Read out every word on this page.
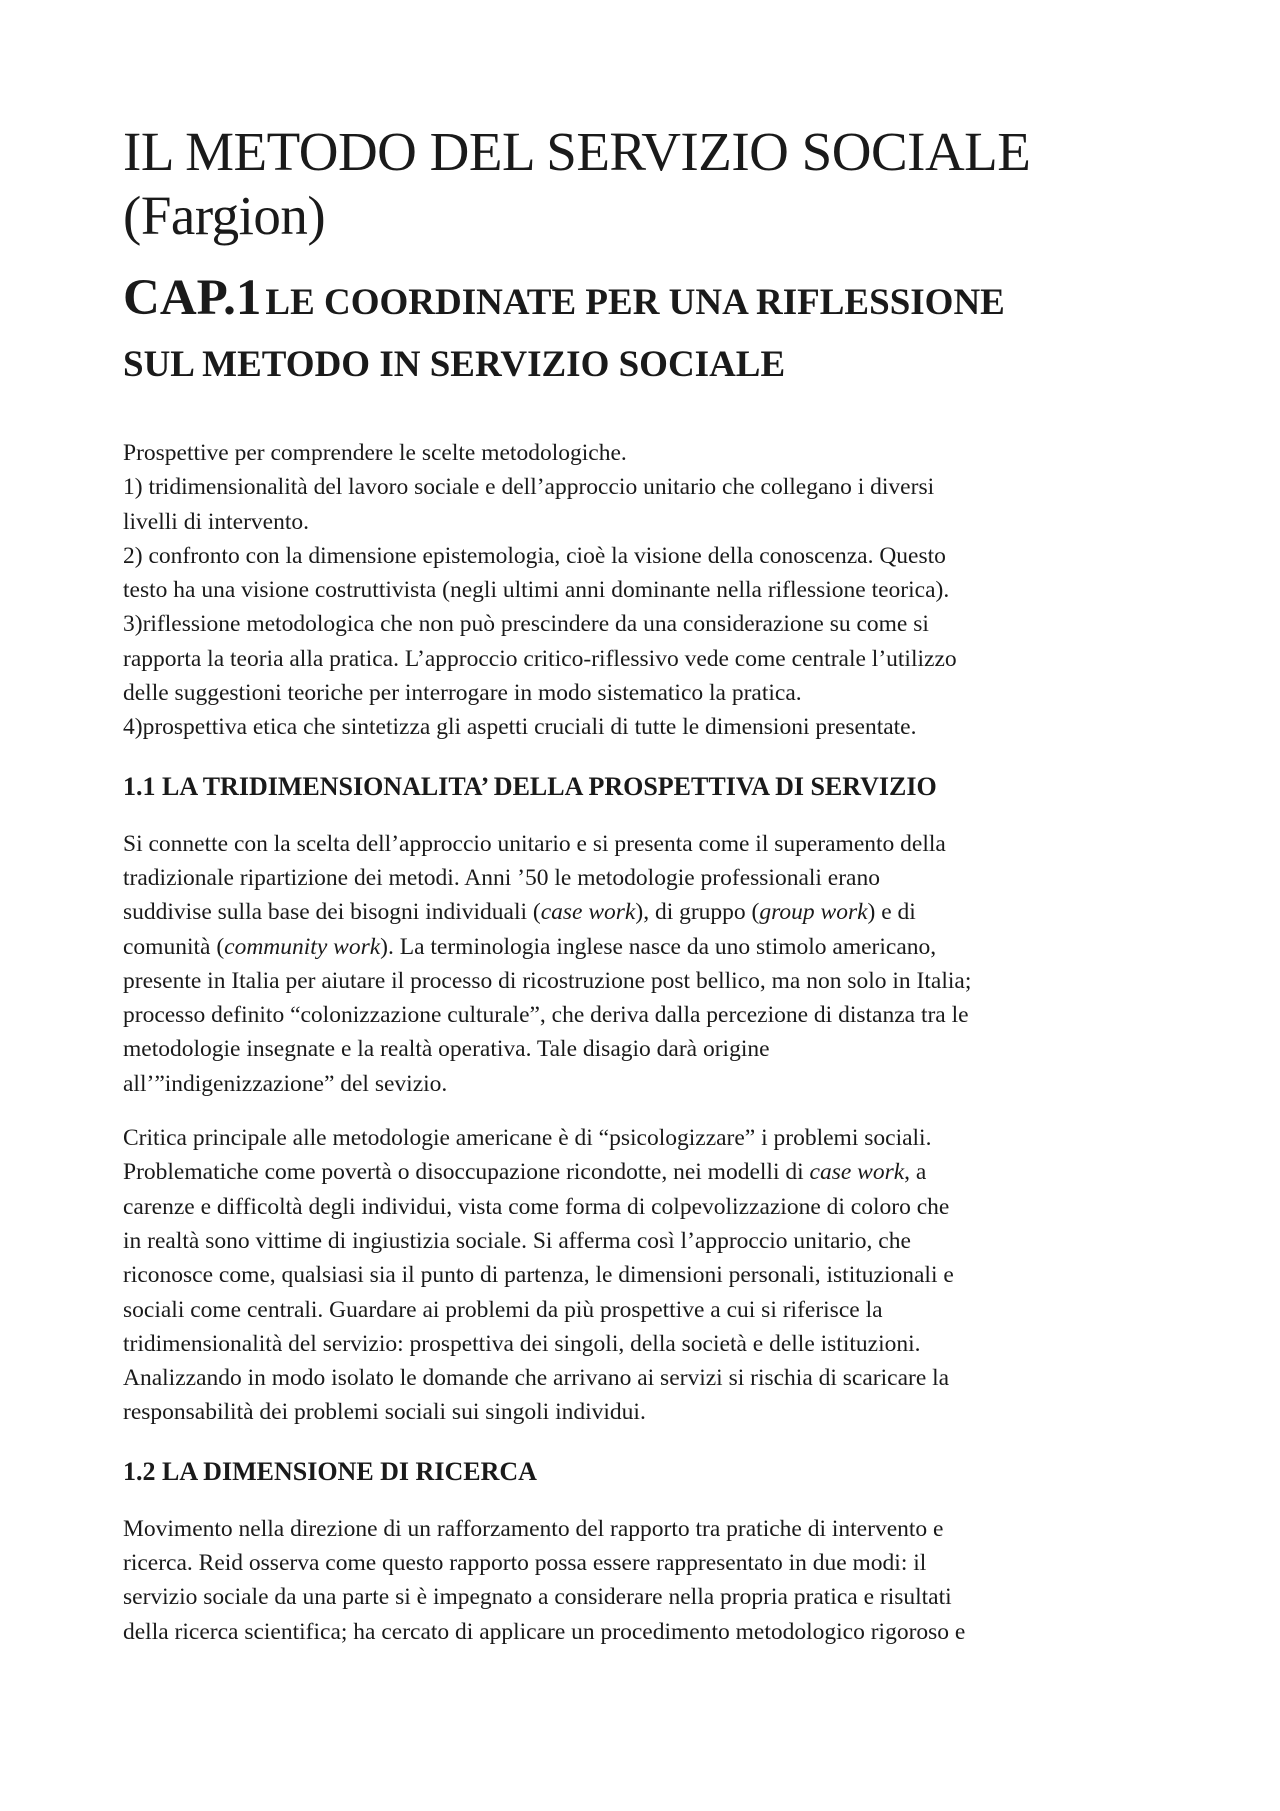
IL METODO DEL SERVIZIO SOCIALE
(Fargion)
CAP.1 LE COORDINATE PER UNA RIFLESSIONE
SUL METODO IN SERVIZIO SOCIALE
Prospettive per comprendere le scelte metodologiche.
1) tridimensionalità del lavoro sociale e dell’approccio unitario che collegano i diversi
livelli di intervento.
2) confronto con la dimensione epistemologia, cioè la visione della conoscenza. Questo
testo ha una visione costruttivista (negli ultimi anni dominante nella riflessione teorica).
3)riflessione metodologica che non può prescindere da una considerazione su come si
rapporta la teoria alla pratica. L’approccio critico-riflessivo vede come centrale l’utilizzo
delle suggestioni teoriche per interrogare in modo sistematico la pratica.
4)prospettiva etica che sintetizza gli aspetti cruciali di tutte le dimensioni presentate.
1.1 LA TRIDIMENSIONALITA’ DELLA PROSPETTIVA DI SERVIZIO
Si connette con la scelta dell’approccio unitario e si presenta come il superamento della
tradizionale ripartizione dei metodi. Anni ’50 le metodologie professionali erano
suddivise sulla base dei bisogni individuali (case work), di gruppo (group work) e di
comunità (community work). La terminologia inglese nasce da uno stimolo americano,
presente in Italia per aiutare il processo di ricostruzione post bellico, ma non solo in Italia;
processo definito “colonizzazione culturale”, che deriva dalla percezione di distanza tra le
metodologie insegnate e la realtà operativa. Tale disagio darà origine
all’”indigenizzazione” del sevizio.
Critica principale alle metodologie americane è di “psicologizzare” i problemi sociali.
Problematiche come povertà o disoccupazione ricondotte, nei modelli di case work, a
carenze e difficoltà degli individui, vista come forma di colpevolizzazione di coloro che
in realtà sono vittime di ingiustizia sociale. Si afferma così l’approccio unitario, che
riconosce come, qualsiasi sia il punto di partenza, le dimensioni personali, istituzionali e
sociali come centrali. Guardare ai problemi da più prospettive a cui si riferisce la
tridimensionalità del servizio: prospettiva dei singoli, della società e delle istituzioni.
Analizzando in modo isolato le domande che arrivano ai servizi si rischia di scaricare la
responsabilità dei problemi sociali sui singoli individui.
1.2 LA DIMENSIONE DI RICERCA
Movimento nella direzione di un rafforzamento del rapporto tra pratiche di intervento e
ricerca. Reid osserva come questo rapporto possa essere rappresentato in due modi: il
servizio sociale da una parte si è impegnato a considerare nella propria pratica e risultati
della ricerca scientifica; ha cercato di applicare un procedimento metodologico rigoroso e
